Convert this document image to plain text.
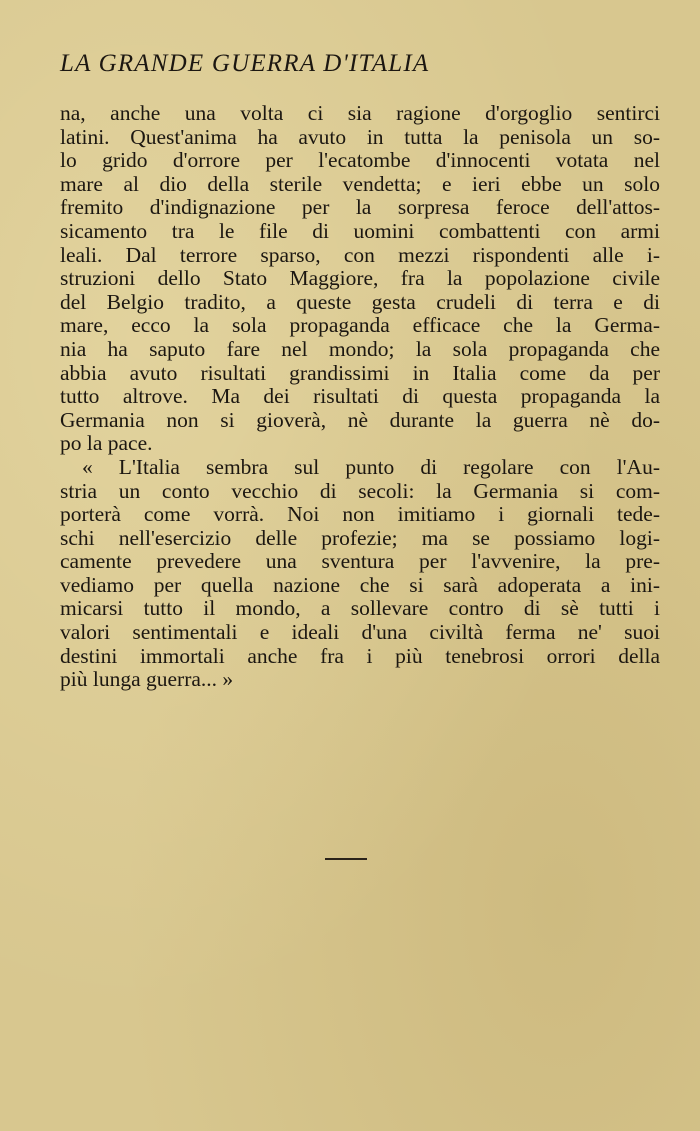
LA GRANDE GUERRA D'ITALIA
na, anche una volta ci sia ragione d'orgoglio sentirci
latini. Quest'anima ha avuto in tutta la penisola un so-
lo grido d'orrore per l'ecatombe d'innocenti votata nel
mare al dio della sterile vendetta; e ieri ebbe un solo
fremito d'indignazione per la sorpresa feroce dell'attos-
sicamento tra le file di uomini combattenti con armi
leali. Dal terrore sparso, con mezzi rispondenti alle i-
struzioni dello Stato Maggiore, fra la popolazione civile
del Belgio tradito, a queste gesta crudeli di terra e di
mare, ecco la sola propaganda efficace che la Germa-
nia ha saputo fare nel mondo; la sola propaganda che
abbia avuto risultati grandissimi in Italia come da per
tutto altrove. Ma dei risultati di questa propaganda la
Germania non si gioverà, nè durante la guerra nè do-
po la pace.
« L'Italia sembra sul punto di regolare con l'Au-
stria un conto vecchio di secoli: la Germania si com-
porterà come vorrà. Noi non imitiamo i giornali tede-
schi nell'esercizio delle profezie; ma se possiamo logi-
camente prevedere una sventura per l'avvenire, la pre-
vediamo per quella nazione che si sarà adoperata a ini-
micarsi tutto il mondo, a sollevare contro di sè tutti i
valori sentimentali e ideali d'una civiltà ferma ne' suoi
destini immortali anche fra i più tenebrosi orrori della
più lunga guerra... »
